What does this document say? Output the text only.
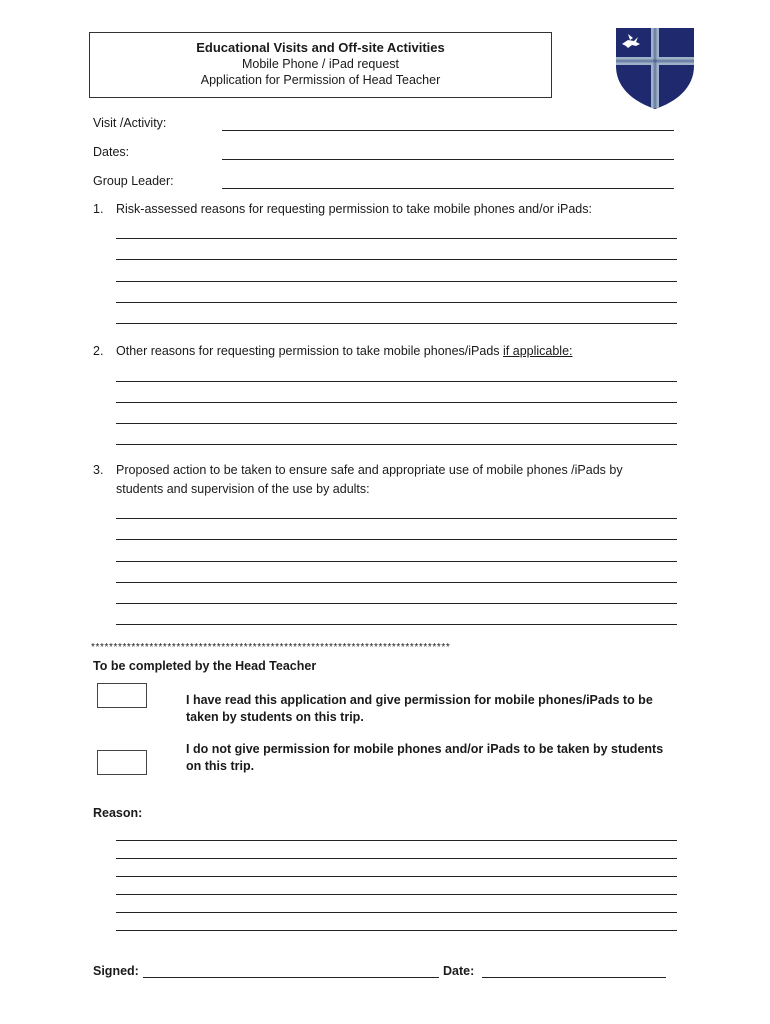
Educational Visits and Off-site Activities
Mobile Phone / iPad request
Application for Permission of Head Teacher
Visit /Activity:
Dates:
Group Leader:
1. Risk-assessed reasons for requesting permission to take mobile phones and/or iPads:
2. Other reasons for requesting permission to take mobile phones/iPads if applicable:
3. Proposed action to be taken to ensure safe and appropriate use of mobile phones /iPads by
students and supervision of the use by adults:
********************************************************************************
To be completed by the Head Teacher
I have read this application and give permission for mobile phones/iPads to be
taken by students on this trip.
I do not give permission for mobile phones and/or iPads to be taken by students
on this trip.
Reason:
Signed:	Date:
